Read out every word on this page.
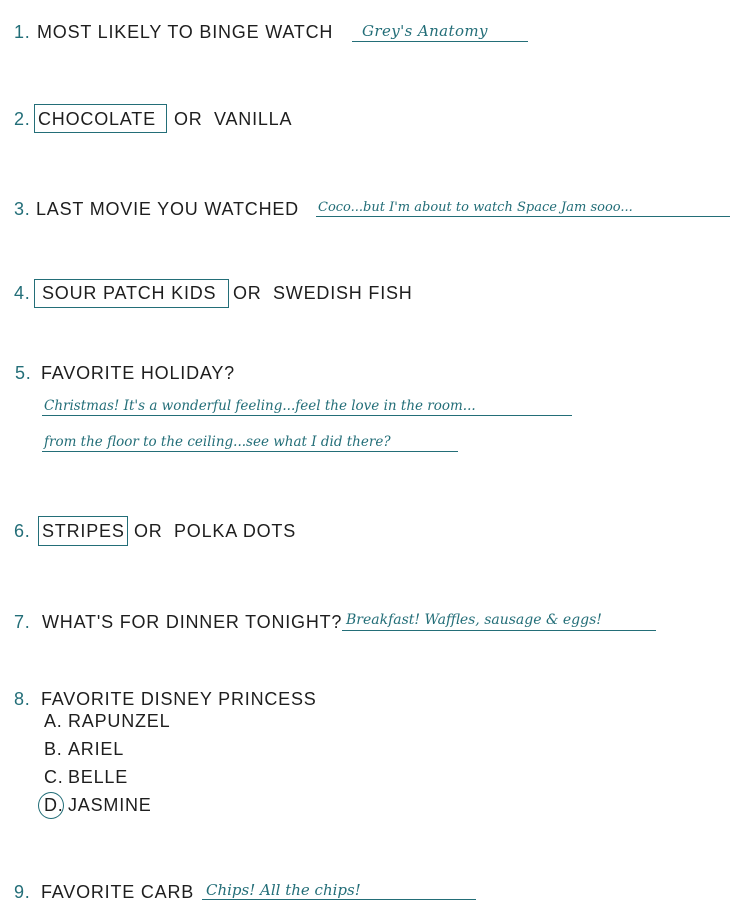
1. MOST LIKELY TO BINGE WATCH Grey's Anatomy
2. CHOCOLATE OR VANILLA
3. LAST MOVIE YOU WATCHED Coco...but I'm about to watch Space Jam sooo...
4. SOUR PATCH KIDS OR SWEDISH FISH
5. FAVORITE HOLIDAY?
Christmas! It's a wonderful feeling...feel the love in the room...
from the floor to the ceiling...see what I did there?
6. STRIPES OR POLKA DOTS
7. WHAT'S FOR DINNER TONIGHT? Breakfast! Waffles, sausage & eggs!
8. FAVORITE DISNEY PRINCESS
A. RAPUNZEL
B. ARIEL
C. BELLE
D. JASMINE
9. FAVORITE CARB Chips! All the chips!
